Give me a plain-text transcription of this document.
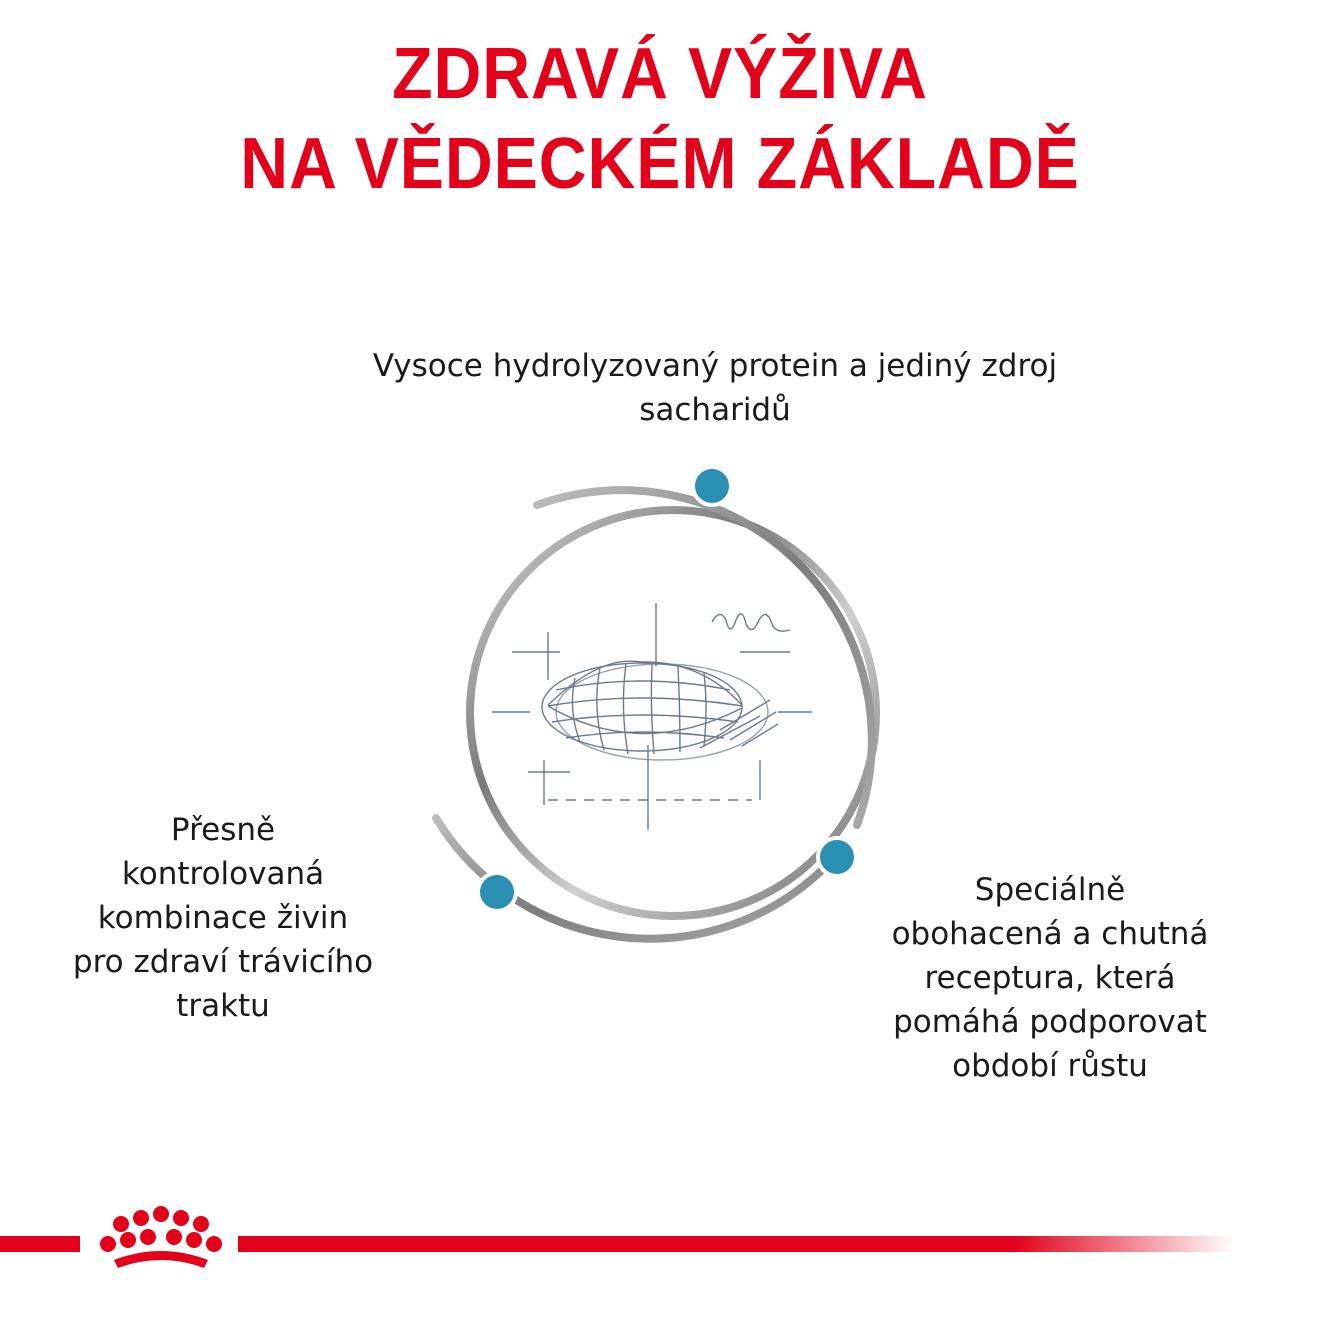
ZDRAVÁ VÝŽIVA
NA VĚDECKÉM ZÁKLADĚ
Vysoce hydrolyzovaný protein a jediný zdroj
sacharidů
Přesně
kontrolovaná
kombinace živin
pro zdraví trávicího
traktu
Speciálně
obohacená a chutná
receptura, která
pomáhá podporovat
období růstu
